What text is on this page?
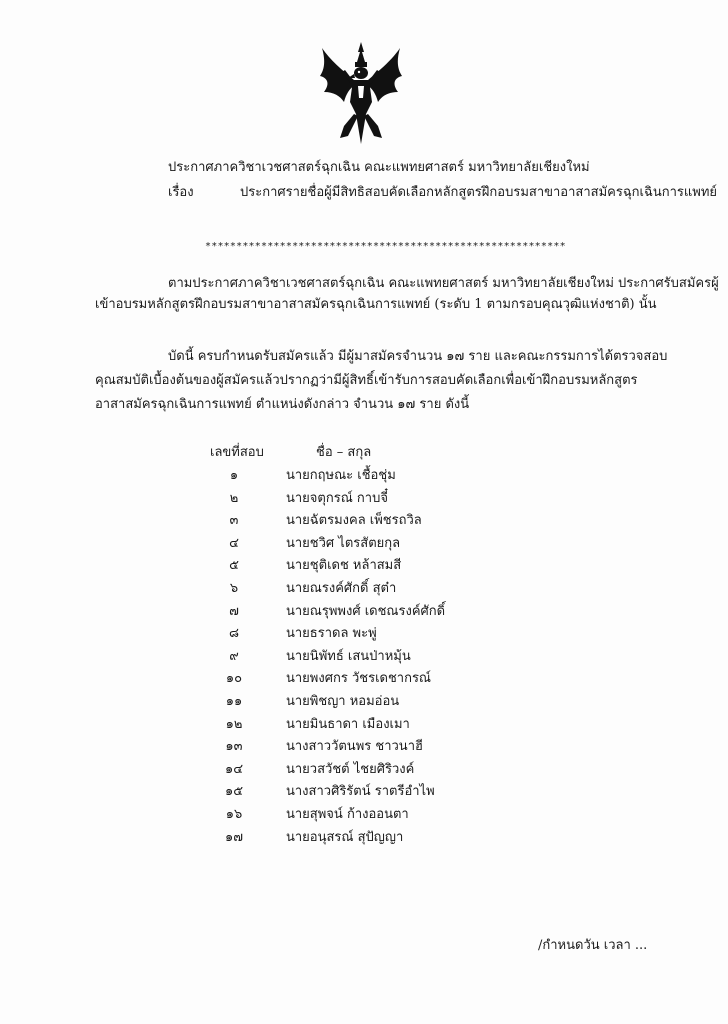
ประกาศภาควิชาเวชศาสตร์ฉุกเฉิน คณะแพทยศาสตร์ มหาวิทยาลัยเชียงใหม่
เรื่อง	ประกาศรายชื่อผู้มีสิทธิสอบคัดเลือกหลักสูตรฝึกอบรมสาขาอาสาสมัครฉุกเฉินการแพทย์
**********************************************************
ตามประกาศภาควิชาเวชศาสตร์ฉุกเฉิน คณะแพทยศาสตร์ มหาวิทยาลัยเชียงใหม่ ประกาศรับสมัครผู้
เข้าอบรมหลักสูตรฝึกอบรมสาขาอาสาสมัครฉุกเฉินการแพทย์ (ระดับ 1 ตามกรอบคุณวุฒิแห่งชาติ) นั้น
บัดนี้ ครบกำหนดรับสมัครแล้ว มีผู้มาสมัครจำนวน ๑๗ ราย และคณะกรรมการได้ตรวจสอบ
คุณสมบัติเบื้องต้นของผู้สมัครแล้วปรากฏว่ามีผู้สิทธิ์เข้ารับการสอบคัดเลือกเพื่อเข้าฝึกอบรมหลักสูตร
อาสาสมัครฉุกเฉินการแพทย์ ตำแหน่งดังกล่าว จำนวน ๑๗ ราย ดังนี้
เลขที่สอบ	ชื่อ – สกุล
๑	นายกฤษณะ เชื้อชุ่ม
๒	นายจตุกรณ์ กาบจี๋
๓	นายฉัตรมงคล เพ็ชรถวิล
๔	นายชวิศ ไตรสัตยกุล
๕	นายชุติเดช หล้าสมสี
๖	นายณรงค์ศักดิ์ สุต๋า
๗	นายณรุพพงศ์ เดชณรงค์ศักดิ์
๘	นายธราดล พะพู่
๙	นายนิพัทธ์ เสนป่าหมุ้น
๑๐	นายพงศกร วัชรเดชากรณ์
๑๑	นายพิชญา หอมอ่อน
๑๒	นายมินธาดา เมืองเมา
๑๓	นางสาววัตนพร ชาวนาฮี
๑๔	นายวสวัชต์ ไชยศิริวงค์
๑๕	นางสาวศิริรัตน์ ราตรีอำไพ
๑๖	นายสุพจน์ ก้างออนตา
๑๗	นายอนุสรณ์ สุปัญญา
/กำหนดวัน เวลา ...
